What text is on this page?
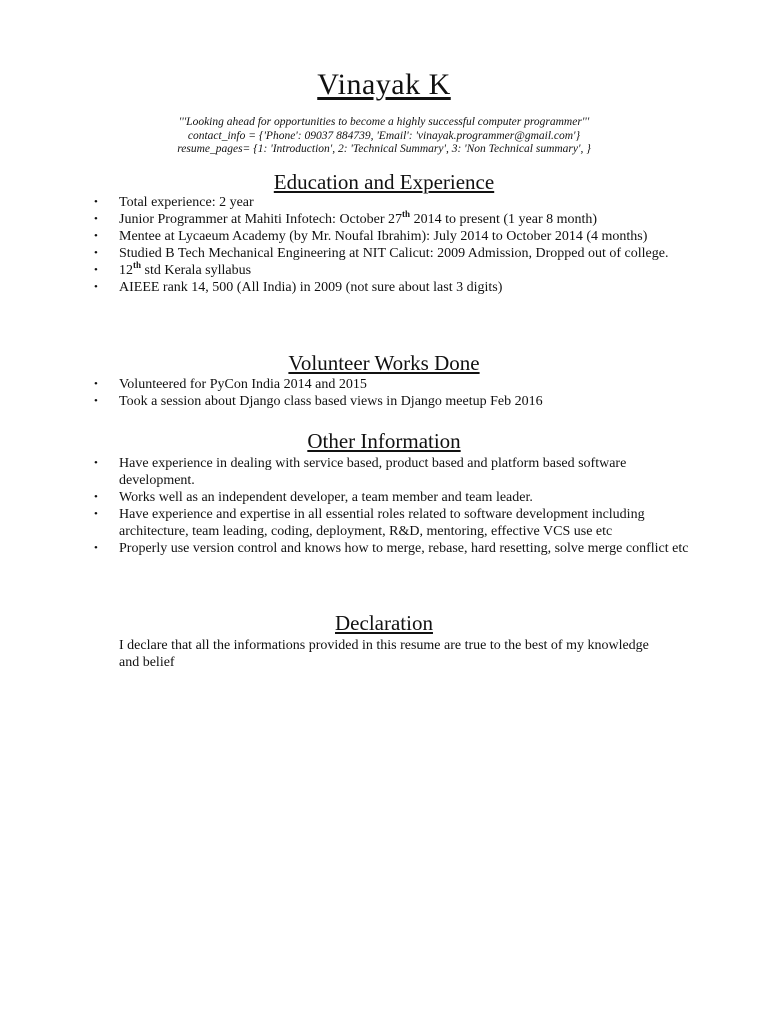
Vinayak K
'''Looking ahead for opportunities to become a highly successful computer programmer'''
contact_info = {'Phone': 09037 884739, 'Email': 'vinayak.programmer@gmail.com'}
resume_pages= {1: 'Introduction', 2: 'Technical Summary', 3: 'Non Technical summary', }
Education and Experience
• Total experience: 2 year
• Junior Programmer at Mahiti Infotech: October 27th 2014 to present (1 year 8 month)
• Mentee at Lycaeum Academy (by Mr. Noufal Ibrahim): July 2014 to October 2014 (4 months)
• Studied B Tech Mechanical Engineering at NIT Calicut: 2009 Admission, Dropped out of college.
• 12th std Kerala syllabus
• AIEEE rank 14, 500 (All India) in 2009 (not sure about last 3 digits)
Volunteer Works Done
• Volunteered for PyCon India 2014 and 2015
• Took a session about Django class based views in Django meetup Feb 2016
Other Information
• Have experience in dealing with service based, product based and platform based software development.
• Works well as an independent developer, a team member and team leader.
• Have experience and expertise in all essential roles related to software development including architecture, team leading, coding, deployment, R&D, mentoring, effective VCS use etc
• Properly use version control and knows how to merge, rebase, hard resetting, solve merge conflict etc
Declaration

I declare that all the informations provided in this resume are true to the best of my knowledge and belief
